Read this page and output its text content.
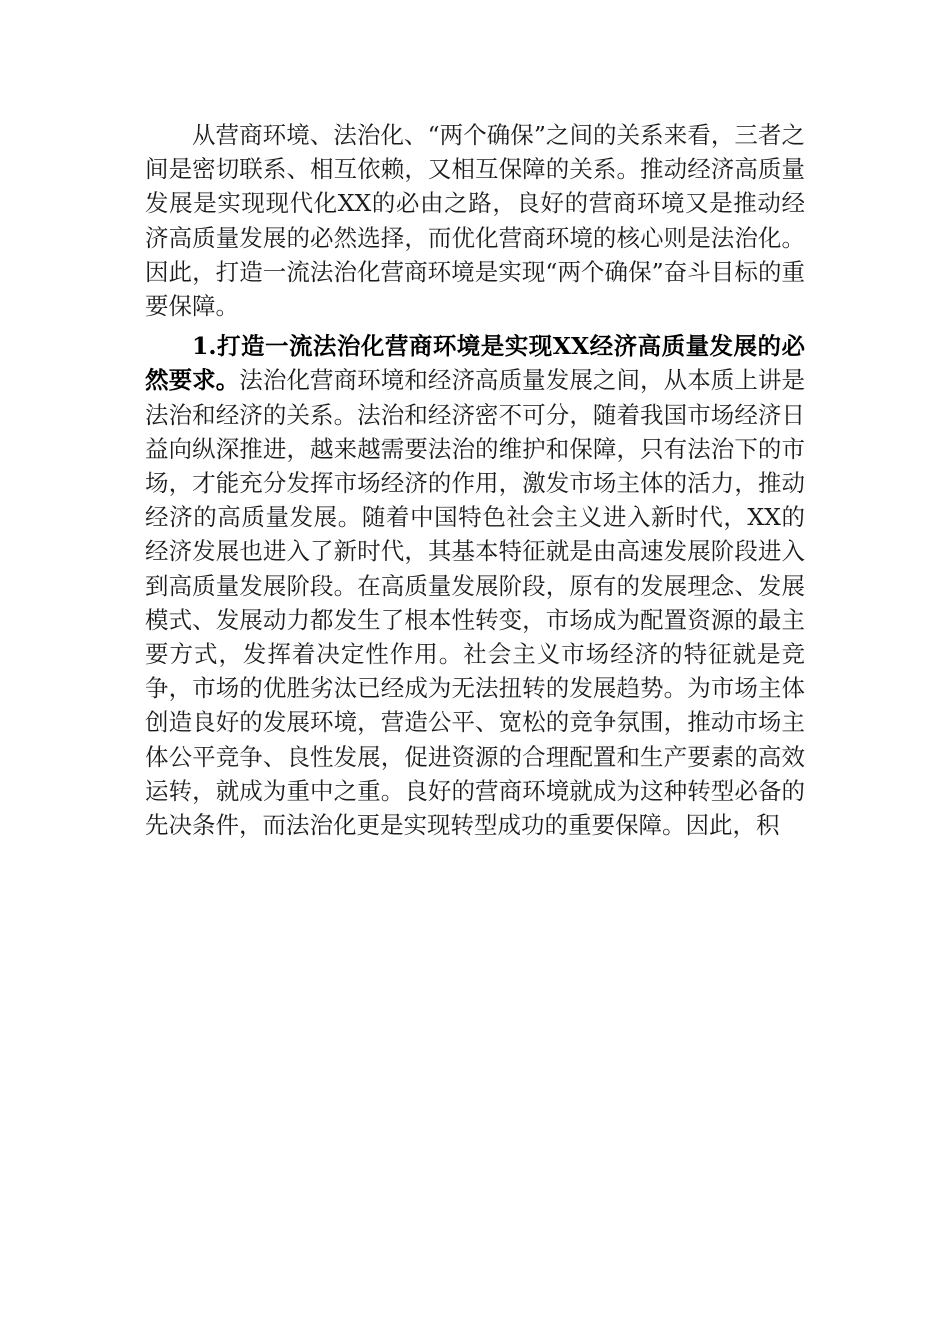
从营商环境、法治化、“两个确保”之间的关系来看，三者之间是密切联系、相互依赖，又相互保障的关系。推动经济高质量发展是实现现代化XX的必由之路，良好的营商环境又是推动经济高质量发展的必然选择，而优化营商环境的核心则是法治化。因此，打造一流法治化营商环境是实现“两个确保”奋斗目标的重要保障。

1.打造一流法治化营商环境是实现XX经济高质量发展的必然要求。法治化营商环境和经济高质量发展之间，从本质上讲是法治和经济的关系。法治和经济密不可分，随着我国市场经济日益向纵深推进，越来越需要法治的维护和保障，只有法治下的市场，才能充分发挥市场经济的作用，激发市场主体的活力，推动经济的高质量发展。随着中国特色社会主义进入新时代，XX的经济发展也进入了新时代，其基本特征就是由高速发展阶段进入到高质量发展阶段。在高质量发展阶段，原有的发展理念、发展模式、发展动力都发生了根本性转变，市场成为配置资源的最主要方式，发挥着决定性作用。社会主义市场经济的特征就是竞争，市场的优胜劣汰已经成为无法扭转的发展趋势。为市场主体创造良好的发展环境，营造公平、宽松的竞争氛围，推动市场主体公平竞争、良性发展，促进资源的合理配置和生产要素的高效运转，就成为重中之重。良好的营商环境就成为这种转型必备的先决条件，而法治化更是实现转型成功的重要保障。因此，积
